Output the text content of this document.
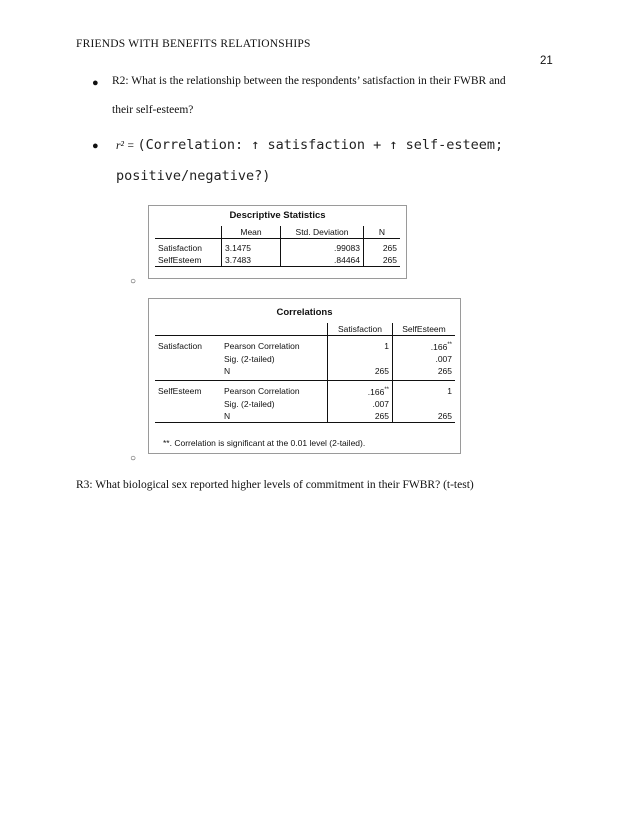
FRIENDS WITH BENEFITS RELATIONSHIPS
21
● R2: What is the relationship between the respondents’ satisfaction in their FWBR and
their self-esteem?
● r² = (Correlation: ↑ satisfaction + ↑ self-esteem;
positive/negative?)
Descriptive Statistics
	Mean	Std. Deviation	N
Satisfaction	3.1475	.99083	265
SelfEsteem	3.7483	.84464	265
○
Correlations
		Satisfaction	SelfEsteem
Satisfaction	Pearson Correlation	1	.166**
	Sig. (2-tailed)		.007
	N	265	265
SelfEsteem	Pearson Correlation	.166**	1
	Sig. (2-tailed)	.007	
	N	265	265
**. Correlation is significant at the 0.01 level (2-tailed).
○
R3: What biological sex reported higher levels of commitment in their FWBR? (t-test)
